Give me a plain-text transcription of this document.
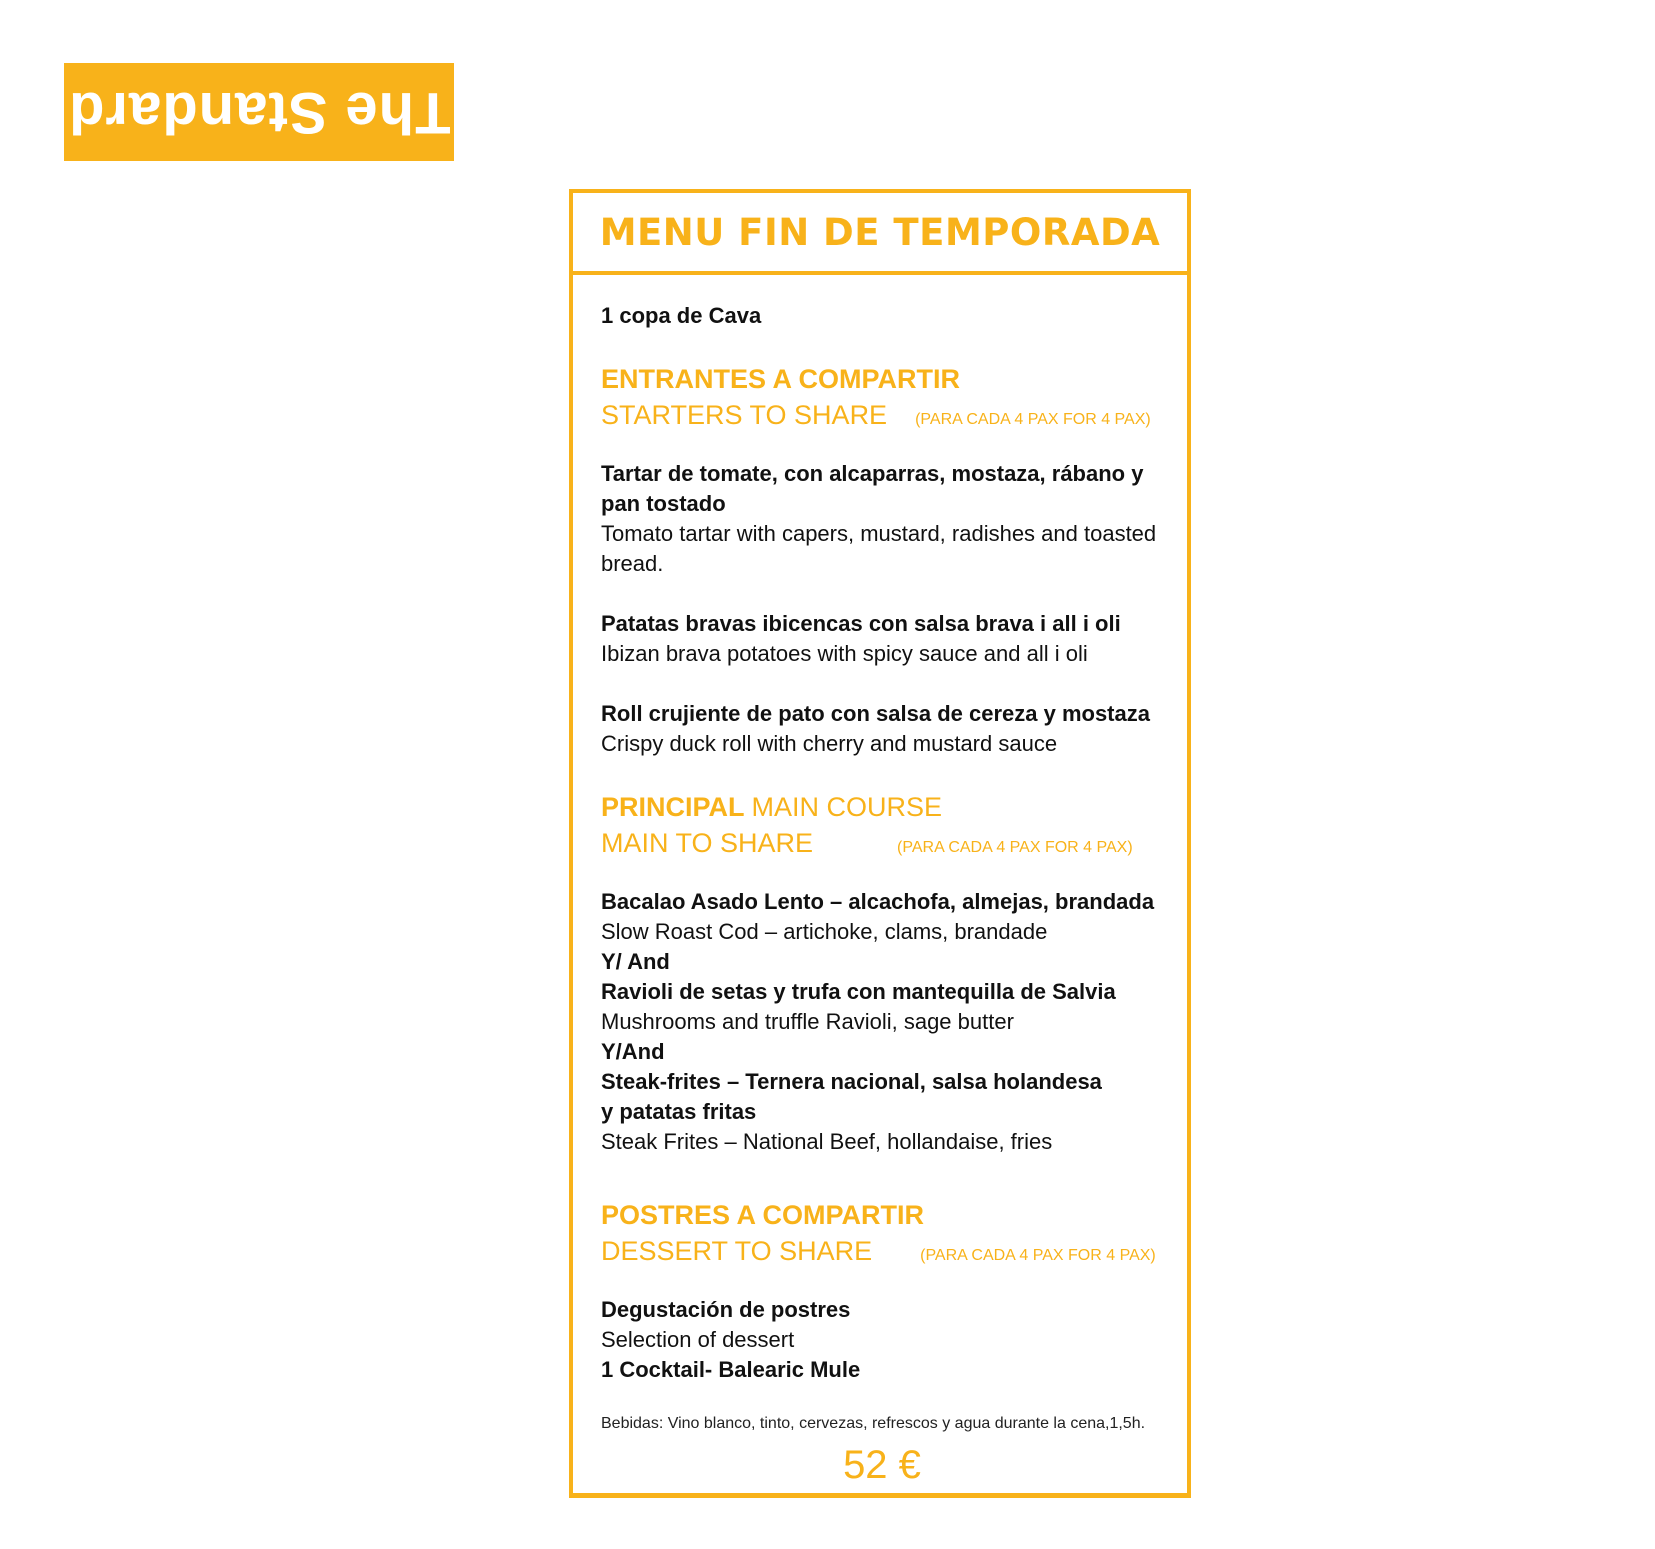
The Standard
MENU FIN DE TEMPORADA
1 copa de Cava
ENTRANTES A COMPARTIR
STARTERS TO SHARE (PARA CADA 4 PAX FOR 4 PAX)
Tartar de tomate, con alcaparras, mostaza, rábano y pan tostado
Tomato tartar with capers, mustard, radishes and toasted bread.
Patatas bravas ibicencas con salsa brava i all i oli
Ibizan brava potatoes with spicy sauce and all i oli
Roll crujiente de pato con salsa de cereza y mostaza
Crispy duck roll with cherry and mustard sauce
PRINCIPAL MAIN COURSE
MAIN TO SHARE	(PARA CADA 4 PAX FOR 4 PAX)
Bacalao Asado Lento – alcachofa, almejas, brandada
Slow Roast Cod – artichoke, clams, brandade
Y/ And
Ravioli de setas y trufa con mantequilla de Salvia
Mushrooms and truffle Ravioli, sage butter
Y/And
Steak-frites – Ternera nacional, salsa holandesa y patatas fritas
Steak Frites – National Beef, hollandaise, fries
POSTRES A COMPARTIR
DESSERT TO SHARE	(PARA CADA 4 PAX FOR 4 PAX)
Degustación de postres
Selection of dessert
1 Cocktail- Balearic Mule
Bebidas: Vino blanco, tinto, cervezas, refrescos y agua durante la cena,1,5h.
52 €
